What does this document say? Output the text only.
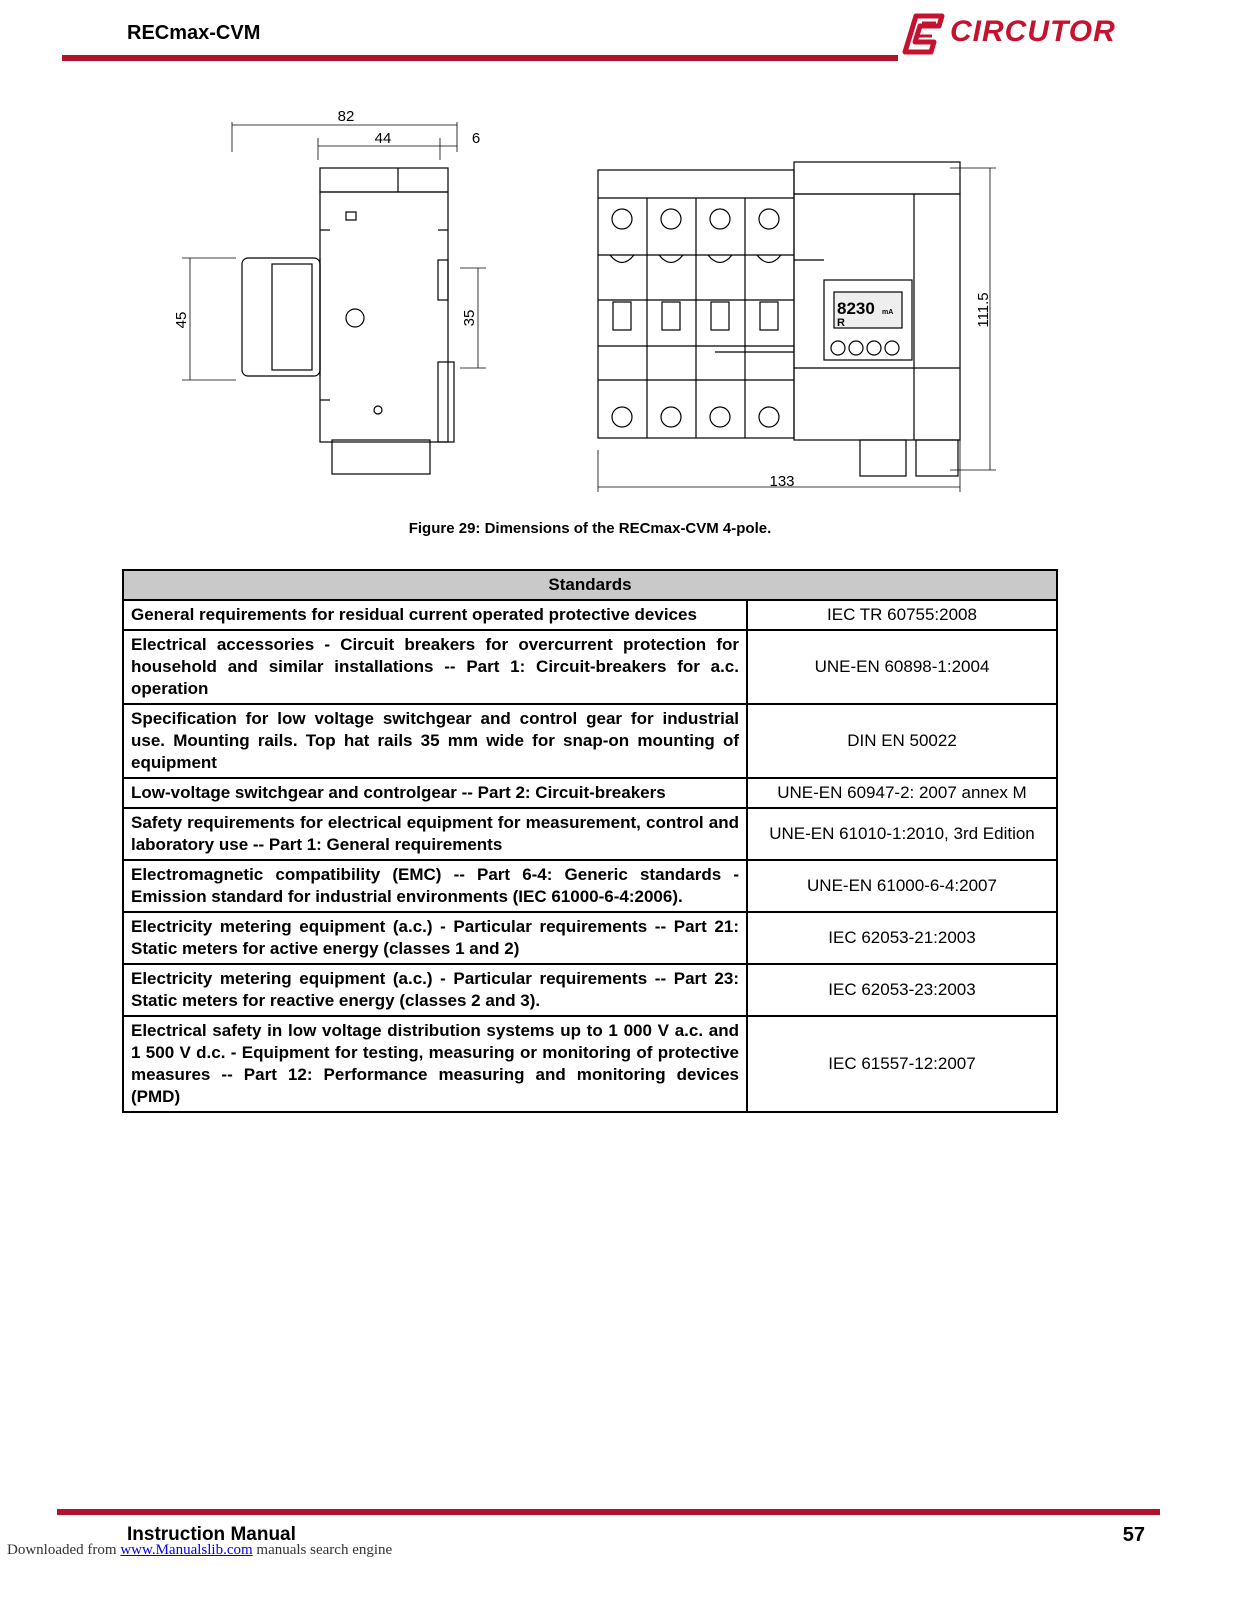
RECmax-CVM	CIRCUTOR
82
44	6
45	35	111.5
133
8230 mA
R
Figure 29: Dimensions of the RECmax-CVM 4-pole.
Standards	
General requirements for residual current operated protective devices	IEC TR 60755:2008
Electrical accessories - Circuit breakers for overcurrent protection for household and similar installations -- Part 1: Circuit-breakers for a.c. operation	UNE-EN 60898-1:2004
Specification for low voltage switchgear and control gear for industrial use. Mounting rails. Top hat rails 35 mm wide for snap-on mounting of equipment	DIN EN 50022
Low-voltage switchgear and controlgear -- Part 2: Circuit-breakers	UNE-EN 60947-2: 2007 annex M
Safety requirements for electrical equipment for measurement, control and laboratory use -- Part 1: General requirements	UNE-EN 61010-1:2010, 3rd Edition
Electromagnetic compatibility (EMC) -- Part 6-4: Generic standards - Emission standard for industrial environments (IEC 61000-6-4:2006).	UNE-EN 61000-6-4:2007
Electricity metering equipment (a.c.) - Particular requirements -- Part 21: Static meters for active energy (classes 1 and 2)	IEC 62053-21:2003
Electricity metering equipment (a.c.) - Particular requirements -- Part 23: Static meters for reactive energy (classes 2 and 3).	IEC 62053-23:2003
Electrical safety in low voltage distribution systems up to 1 000 V a.c. and 1 500 V d.c. - Equipment for testing, measuring or monitoring of protective measures -- Part 12: Performance measuring and monitoring devices (PMD)	IEC 61557-12:2007
Instruction Manual	57
Downloaded from www.Manualslib.com manuals search engine
